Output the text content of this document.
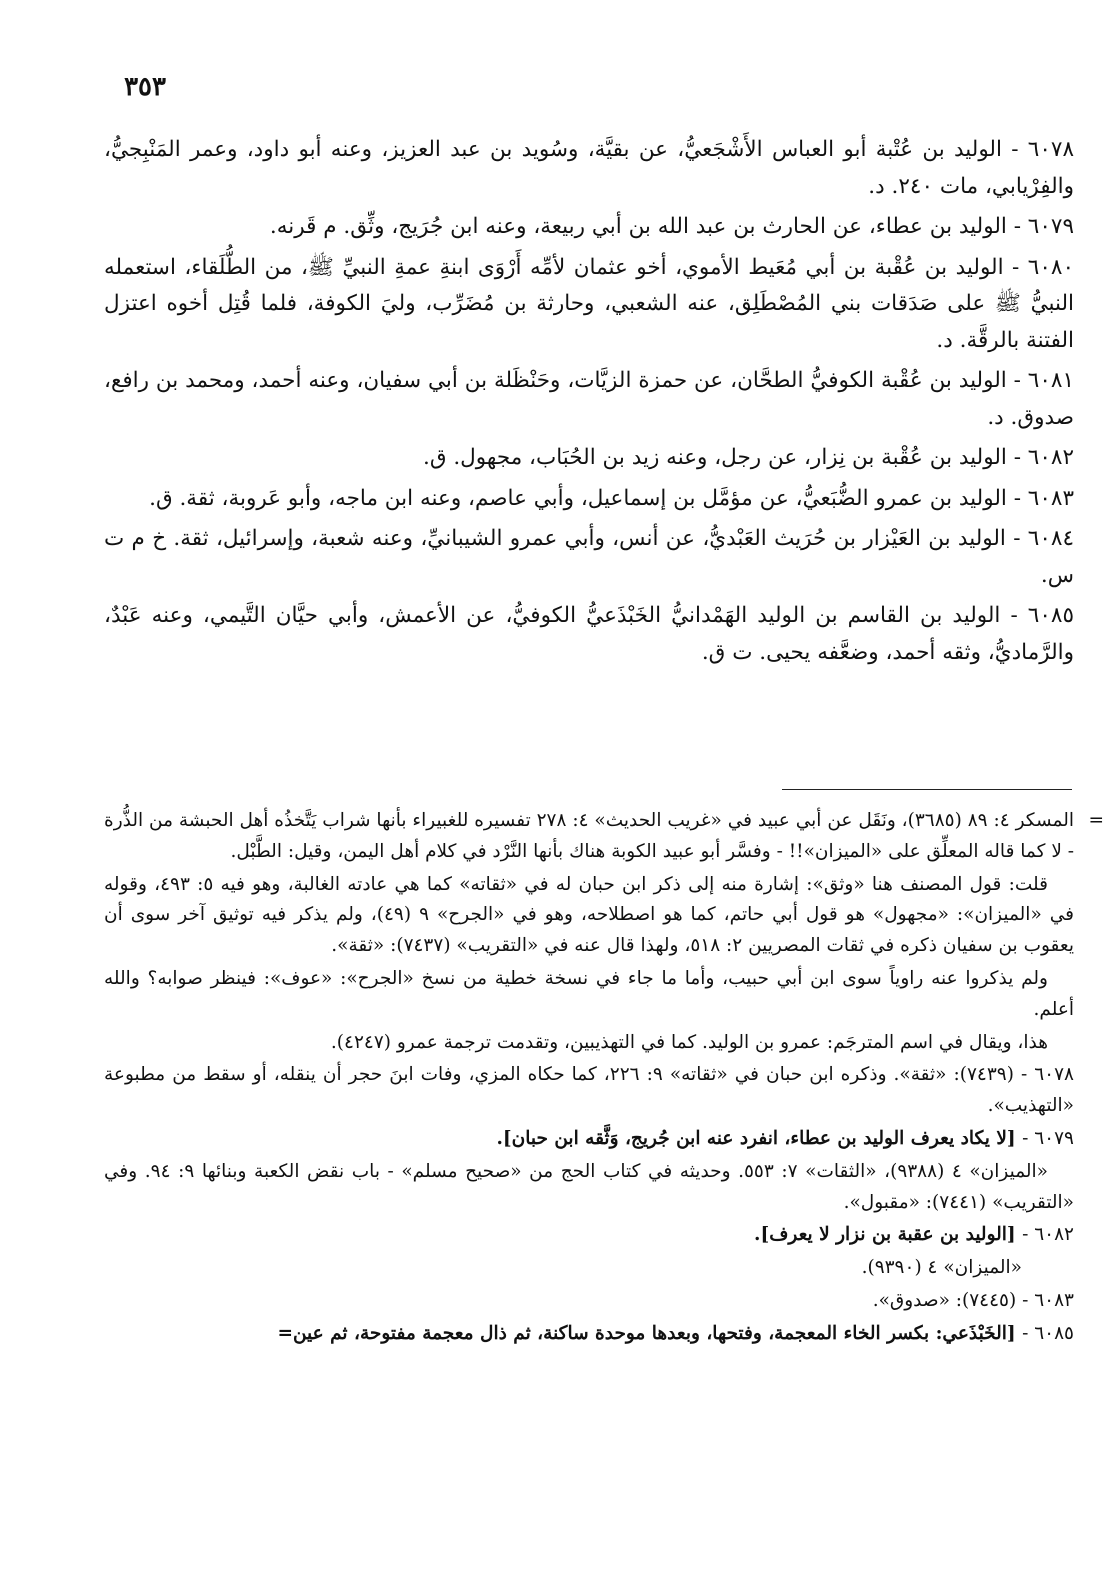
٣٥٣

٦٠٧٨ - الوليد بن عُتْبة أبو العباس الأَشْجَعيُّ، عن بقيَّة، وسُويد بن عبد العزيز، وعنه أبو داود، وعمر المَنْبِجيُّ، والفِرْيابي، مات ٢٤٠. د.

٦٠٧٩ - الوليد بن عطاء، عن الحارث بن عبد الله بن أبي ربيعة، وعنه ابن جُرَيج، وثِّق. م قَرنه.

٦٠٨٠ - الوليد بن عُقْبة بن أبي مُعَيط الأموي، أخو عثمان لأمِّه أَرْوَى ابنةِ عمةِ النبيِّ ﷺ، من الطُّلَقاء، استعمله النبيُّ ﷺ على صَدَقات بني المُصْطَلِق، عنه الشعبي، وحارثة بن مُضَرِّب، وليَ الكوفة، فلما قُتِل أخوه اعتزل الفتنة بالرقَّة. د.

٦٠٨١ - الوليد بن عُقْبة الكوفيُّ الطحَّان، عن حمزة الزيَّات، وحَنْظَلة بن أبي سفيان، وعنه أحمد، ومحمد بن رافع، صدوق. د.

٦٠٨٢ - الوليد بن عُقْبة بن نِزار، عن رجل، وعنه زيد بن الحُبَاب، مجهول. ق.

٦٠٨٣ - الوليد بن عمرو الضُّبَعيُّ، عن مؤمَّل بن إسماعيل، وأبي عاصم، وعنه ابن ماجه، وأبو عَروبة، ثقة. ق.

٦٠٨٤ - الوليد بن العَيْزار بن حُرَيث العَبْديُّ، عن أنس، وأبي عمرو الشيبانيِّ، وعنه شعبة، وإسرائيل، ثقة. خ م ت س.

٦٠٨٥ - الوليد بن القاسم بن الوليد الهَمْدانيُّ الخَبْذَعيُّ الكوفيُّ، عن الأعمش، وأبي حيَّان التَّيمي، وعنه عَبْدٌ، والرَّماديُّ، وثقه أحمد، وضعَّفه يحيى. ت ق.

=
المسكر ٤: ٨٩ (٣٦٨٥)، ونَقَل عن أبي عبيد في «غريب الحديث» ٤: ٢٧٨ تفسيره للغبيراء بأنها شراب يَتَّخذُه أهل الحبشة من الذُّرة - لا كما قاله المعلِّق على «الميزان»!! - وفسَّر أبو عبيد الكوبة هناك بأنها النَّرْد في كلام أهل اليمن، وقيل: الطَّبْل.

قلت: قول المصنف هنا «وثق»: إشارة منه إلى ذكر ابن حبان له في «ثقاته» كما هي عادته الغالبة، وهو فيه ٥: ٤٩٣، وقوله في «الميزان»: «مجهول» هو قول أبي حاتم، كما هو اصطلاحه، وهو في «الجرح» ٩ (٤٩)، ولم يذكر فيه توثيق آخر سوى أن يعقوب بن سفيان ذكره في ثقات المصريين ٢: ٥١٨، ولهذا قال عنه في «التقريب» (٧٤٣٧): «ثقة».

ولم يذكروا عنه راوياً سوى ابن أبي حبيب، وأما ما جاء في نسخة خطية من نسخ «الجرح»: «عوف»: فينظر صوابه؟ والله أعلم.

هذا، ويقال في اسم المترجَم: عمرو بن الوليد. كما في التهذيبين، وتقدمت ترجمة عمرو (٤٢٤٧).

٦٠٧٨ - (٧٤٣٩): «ثقة». وذكره ابن حبان في «ثقاته» ٩: ٢٢٦، كما حكاه المزي، وفات ابنَ حجر أن ينقله، أو سقط من مطبوعة «التهذيب».

٦٠٧٩ - [لا يكاد يعرف الوليد بن عطاء، انفرد عنه ابن جُريج، وَثَّقه ابن حبان].

«الميزان» ٤ (٩٣٨٨)، «الثقات» ٧: ٥٥٣. وحديثه في كتاب الحج من «صحيح مسلم» - باب نقض الكعبة وبنائها ٩: ٩٤. وفي «التقريب» (٧٤٤١): «مقبول».

٦٠٨٢ - [الوليد بن عقبة بن نزار لا يعرف].

«الميزان» ٤ (٩٣٩٠).

٦٠٨٣ - (٧٤٤٥): «صدوق».

٦٠٨٥ - [الخَبْذَعي: بكسر الخاء المعجمة، وفتحها، وبعدها موحدة ساكنة، ثم ذال معجمة مفتوحة، ثم عين=
